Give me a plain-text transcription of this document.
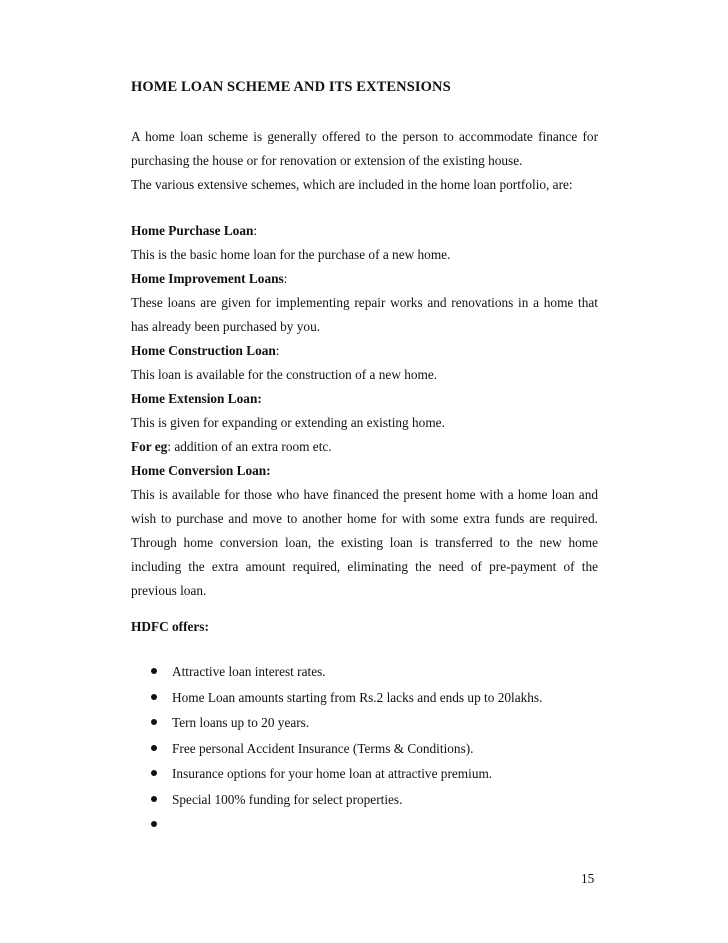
HOME LOAN SCHEME AND ITS EXTENSIONS

A home loan scheme is generally offered to the person to accommodate finance for

purchasing the house or for renovation or extension of the existing house.

The various extensive schemes, which are included in the home loan portfolio, are:

Home Purchase Loan:

This is the basic home loan for the purchase of a new home.

Home Improvement Loans:

These loans are given for implementing repair works and renovations in a home that

has already been purchased by you.

Home Construction Loan:

This loan is available for the construction of a new home.

Home Extension Loan:

This is given for expanding or extending an existing home.

For eg: addition of an extra room etc.

Home Conversion Loan:

This is available for those who have financed the present home with a home loan and

wish to purchase and move to another home for with some extra funds are required.

Through home conversion loan, the existing loan is transferred to the new home

including the extra amount required, eliminating the need of pre-payment of the

previous loan.

HDFC offers:
Attractive loan interest rates.
Home Loan amounts starting from Rs.2 lacks and ends up to 20lakhs.
Tern loans up to 20 years.
Free personal Accident Insurance (Terms & Conditions).
Insurance options for your home loan at attractive premium.
Special 100% funding for select properties.
15
